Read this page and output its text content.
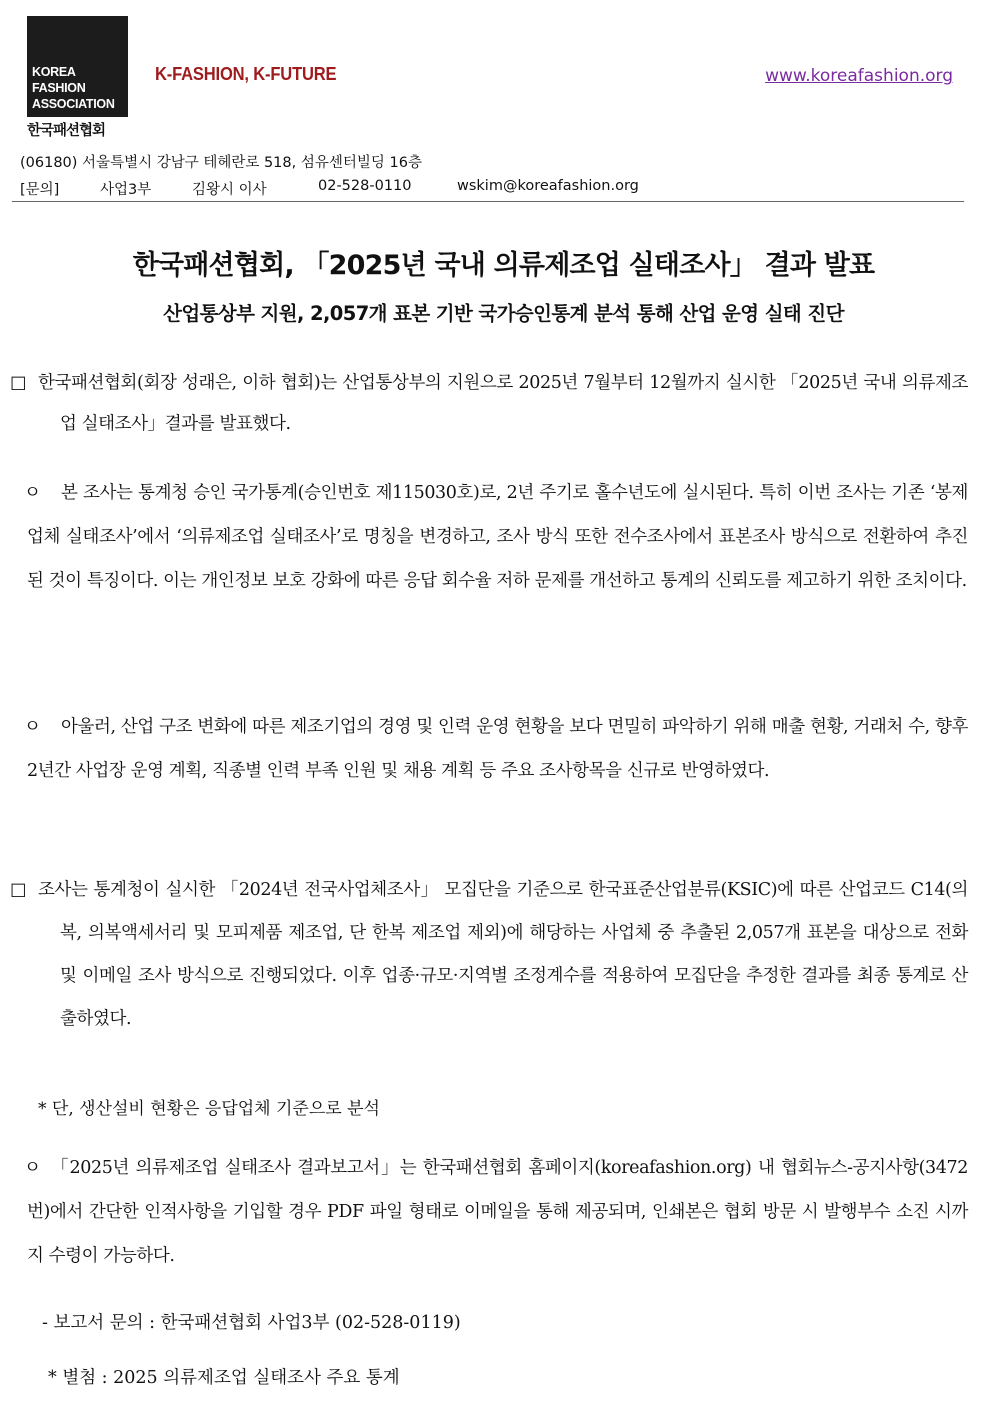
KOREA
FASHION
ASSOCIATION
한국패션협회
K-FASHION, K-FUTURE	www.koreafashion.org
(06180) 서울특별시 강남구 테헤란로 518, 섬유센터빌딩 16층
[문의]	사업3부	김왕시 이사	02-528-0110	wskim@koreafashion.org
한국패션협회, 「2025년 국내 의류제조업 실태조사」 결과 발표
산업통상부 지원, 2,057개 표본 기반 국가승인통계 분석 통해 산업 운영 실태 진단
□ 한국패션협회(회장 성래은, 이하 협회)는 산업통상부의 지원으로 2025년 7월부터 12월까지 실시한 「2025년 국내 의류제조업 실태조사」결과를 발표했다.
ㅇ	본 조사는 통계청 승인 국가통계(승인번호 제115030호)로, 2년 주기로 홀수년도에 실시된다. 특히 이번 조사는 기존 ‘봉제업체 실태조사’에서 ‘의류제조업 실태조사’로 명칭을 변경하고, 조사 방식 또한 전수조사에서 표본조사 방식으로 전환하여 추진된 것이 특징이다. 이는 개인정보 보호 강화에 따른 응답 회수율 저하 문제를 개선하고 통계의 신뢰도를 제고하기 위한 조치이다.
ㅇ	아울러, 산업 구조 변화에 따른 제조기업의 경영 및 인력 운영 현황을 보다 면밀히 파악하기 위해 매출 현황, 거래처 수, 향후 2년간 사업장 운영 계획, 직종별 인력 부족 인원 및 채용 계획 등 주요 조사항목을 신규로 반영하였다.
□ 조사는 통계청이 실시한 「2024년 전국사업체조사」 모집단을 기준으로 한국표준산업분류(KSIC)에 따른 산업코드 C14(의복, 의복액세서리 및 모피제품 제조업, 단 한복 제조업 제외)에 해당하는 사업체 중 추출된 2,057개 표본을 대상으로 전화 및 이메일 조사 방식으로 진행되었다. 이후 업종·규모·지역별 조정계수를 적용하여 모집단을 추정한 결과를 최종 통계로 산출하였다.
* 단, 생산설비 현황은 응답업체 기준으로 분석
ㅇ 「2025년 의류제조업 실태조사 결과보고서」는 한국패션협회 홈페이지(koreafashion.org) 내 협회뉴스-공지사항(3472번)에서 간단한 인적사항을 기입할 경우 PDF 파일 형태로 이메일을 통해 제공되며, 인쇄본은 협회 방문 시 발행부수 소진 시까지 수령이 가능하다.
- 보고서 문의 : 한국패션협회 사업3부 (02-528-0119)
* 별첨 : 2025 의류제조업 실태조사 주요 통계
